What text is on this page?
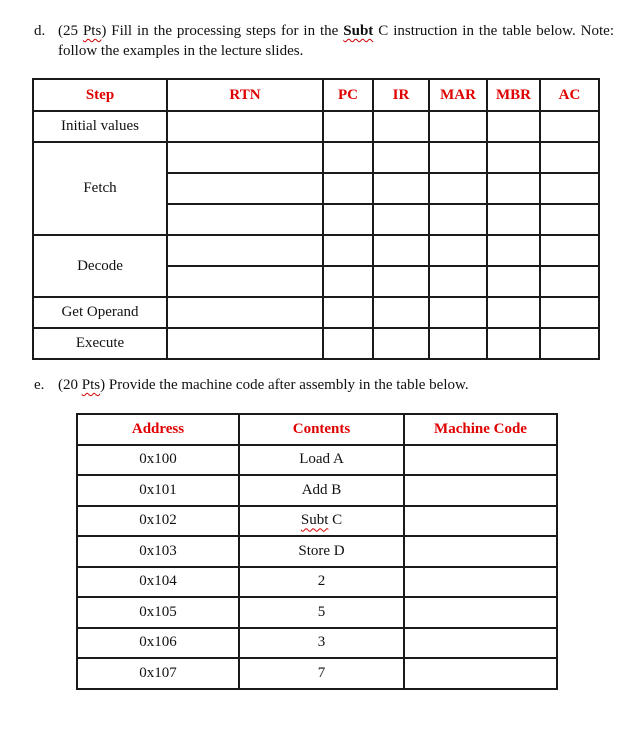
d. (25 Pts) Fill in the processing steps for in the Subt C instruction in the table below. Note: follow the examples in the lecture slides.
Step	RTN	PC	IR	MAR	MBR	AC
Initial values						
Fetch						

Decode						

Get Operand						
Execute						
e. (20 Pts) Provide the machine code after assembly in the table below.
Address	Contents	Machine Code
0x100	Load A	
0x101	Add B	
0x102	Subt C	
0x103	Store D	
0x104	2	
0x105	5	
0x106	3	
0x107	7	
